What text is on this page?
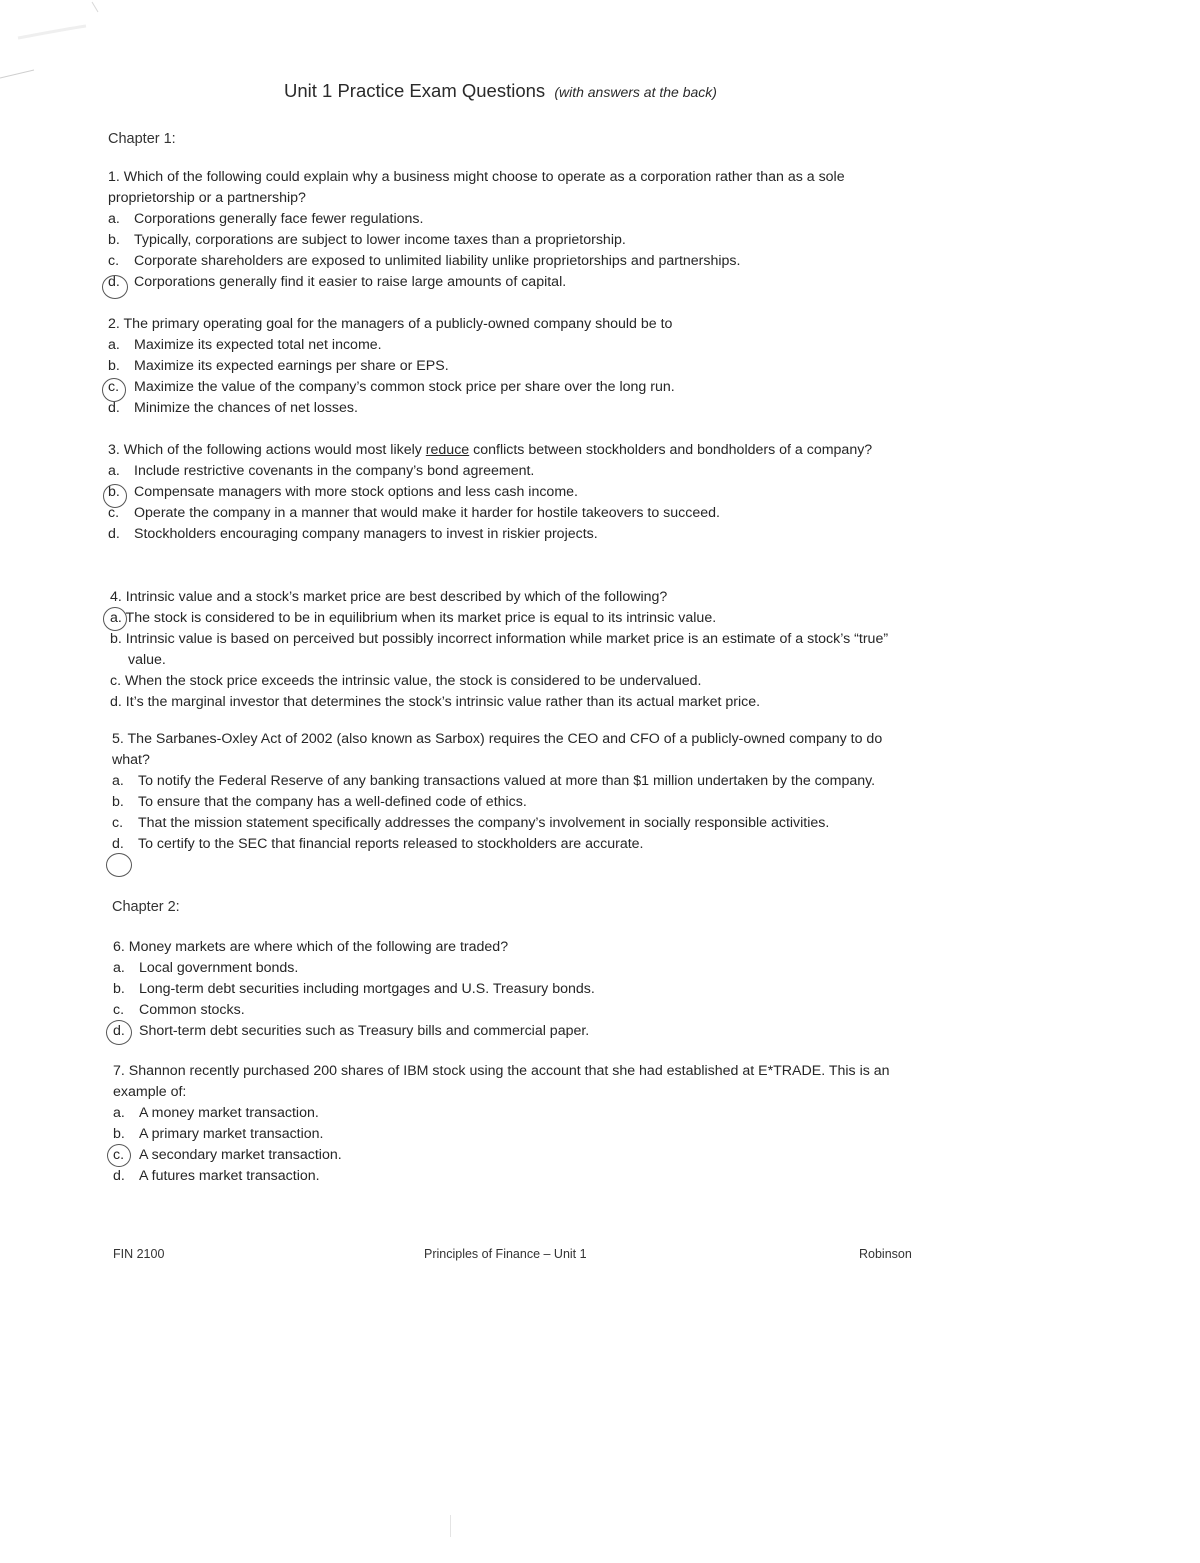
Unit 1 Practice Exam Questions (with answers at the back)
Chapter 1:

1. Which of the following could explain why a business might choose to operate as a corporation rather than as a sole proprietorship or a partnership?

a. Corporations generally face fewer regulations.

b. Typically, corporations are subject to lower income taxes than a proprietorship.

c.	Corporate shareholders are exposed to unlimited liability unlike proprietorships and partnerships.

d. Corporations generally find it easier to raise large amounts of capital.

2. The primary operating goal for the managers of a publicly-owned company should be to

a. Maximize its expected total net income.

b. Maximize its expected earnings per share or EPS.

c.	Maximize the value of the company’s common stock price per share over the long run.

d. Minimize the chances of net losses.

3. Which of the following actions would most likely reduce conflicts between stockholders and bondholders of a company?

a. Include restrictive covenants in the company’s bond agreement.

b. Compensate managers with more stock options and less cash income.

c.	Operate the company in a manner that would make it harder for hostile takeovers to succeed.

d. Stockholders encouraging company managers to invest in riskier projects.

4. Intrinsic value and a stock’s market price are best described by which of the following?

a. The stock is considered to be in equilibrium when its market price is equal to its intrinsic value.

b. Intrinsic value is based on perceived but possibly incorrect information while market price is an estimate of a stock’s “true” value.

c. When the stock price exceeds the intrinsic value, the stock is considered to be undervalued.

d. It’s the marginal investor that determines the stock’s intrinsic value rather than its actual market price.

5. The Sarbanes-Oxley Act of 2002 (also known as Sarbox) requires the CEO and CFO of a publicly-owned company to do what?

a. To notify the Federal Reserve of any banking transactions valued at more than $1 million undertaken by the company.

b. To ensure that the company has a well-defined code of ethics.

c.	That the mission statement specifically addresses the company’s involvement in socially responsible activities.

d. To certify to the SEC that financial reports released to stockholders are accurate.

Chapter 2:

6. Money markets are where which of the following are traded?

a. Local government bonds.

b. Long-term debt securities including mortgages and U.S. Treasury bonds.

c.	Common stocks.

d. Short-term debt securities such as Treasury bills and commercial paper.

7. Shannon recently purchased 200 shares of IBM stock using the account that she had established at E*TRADE. This is an example of:

a. A money market transaction.

b. A primary market transaction.

c.	A secondary market transaction.

d. A futures market transaction.

FIN 2100	Principles of Finance – Unit 1	Robinson
